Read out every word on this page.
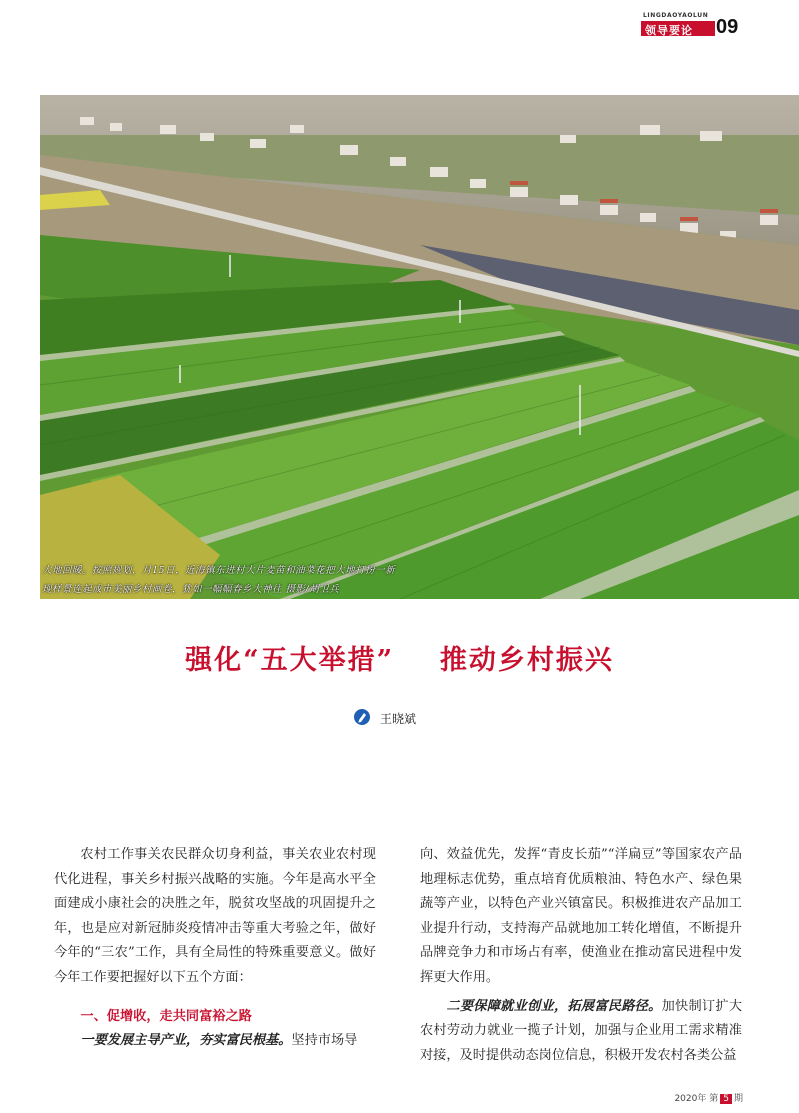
LINGDAOYAOLUN
领导要论 09
大地回暖。按照规划，月15日，近海镇东进村大片麦苗和油菜花把大地打扮一新
现样景连起成市美丽乡村画卷，犹如一幅幅春乡大神往 摄影/胡卫兵
强化“五大举措”    推动乡村振兴
王晓斌

农村工作事关农民群众切身利益，事关农业农村现代化进程，事关乡村振兴战略的实施。今年是高水平全面建成小康社会的决胜之年，脱贫攻坚战的巩固提升之年，也是应对新冠肺炎疫情冲击等重大考验之年，做好今年的“三农”工作，具有全局性的特殊重要意义。做好今年工作要把握好以下五个方面：

一、促增收，走共同富裕之路

一要发展主导产业，夯实富民根基。坚持市场导

向、效益优先，发挥“青皮长茄”“洋扁豆”等国家农产品地理标志优势，重点培育优质粮油、特色水产、绿色果蔬等产业，以特色产业兴镇富民。积极推进农产品加工业提升行动，支持海产品就地加工转化增值，不断提升品牌竞争力和市场占有率，使渔业在推动富民进程中发挥更大作用。

二要保障就业创业，拓展富民路径。加快制订扩大农村劳动力就业一揽子计划，加强与企业用工需求精准对接，及时提供动态岗位信息，积极开发农村各类公益

2020年 第 5 期
